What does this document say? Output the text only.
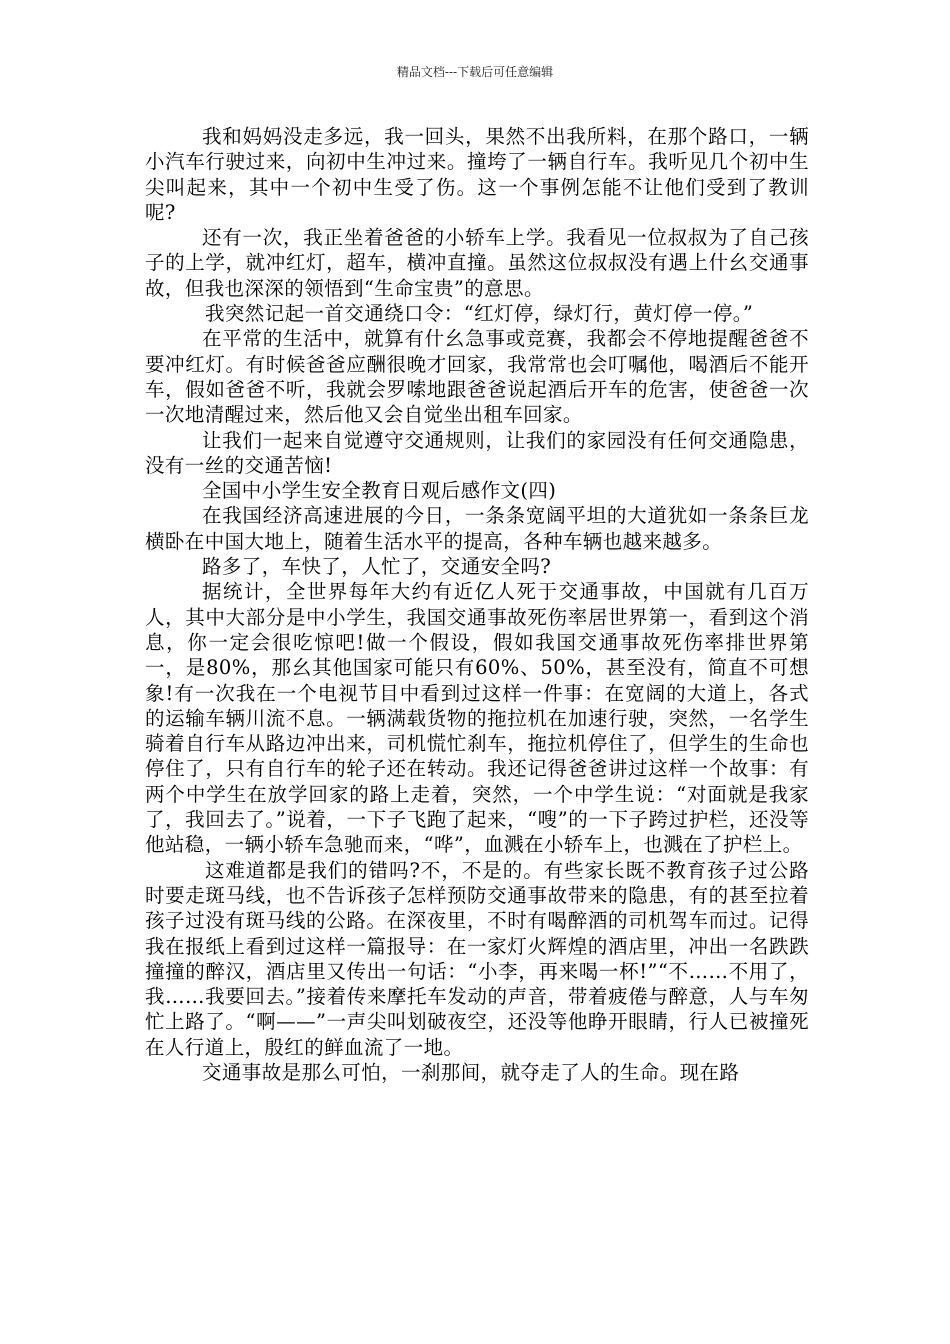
精品文档---下载后可任意编辑

我和妈妈没走多远，我一回头，果然不出我所料，在那个路口，一辆小汽车行驶过来，向初中生冲过来。撞垮了一辆自行车。我听见几个初中生尖叫起来，其中一个初中生受了伤。这一个事例怎能不让他们受到了教训呢?

还有一次，我正坐着爸爸的小轿车上学。我看见一位叔叔为了自己孩子的上学，就冲红灯，超车，横冲直撞。虽然这位叔叔没有遇上什幺交通事故，但我也深深的领悟到“生命宝贵”的意思。

我突然记起一首交通绕口令：“红灯停，绿灯行，黄灯停一停。”

在平常的生活中，就算有什幺急事或竞赛，我都会不停地提醒爸爸不要冲红灯。有时候爸爸应酬很晚才回家，我常常也会叮嘱他，喝酒后不能开车，假如爸爸不听，我就会罗嗦地跟爸爸说起酒后开车的危害，使爸爸一次一次地清醒过来，然后他又会自觉坐出租车回家。

让我们一起来自觉遵守交通规则，让我们的家园没有任何交通隐患，没有一丝的交通苦恼!

全国中小学生安全教育日观后感作文(四)

在我国经济高速进展的今日，一条条宽阔平坦的大道犹如一条条巨龙横卧在中国大地上，随着生活水平的提高，各种车辆也越来越多。

路多了，车快了，人忙了，交通安全吗?

据统计，全世界每年大约有近亿人死于交通事故，中国就有几百万人，其中大部分是中小学生，我国交通事故死伤率居世界第一，看到这个消息，你一定会很吃惊吧!做一个假设，假如我国交通事故死伤率排世界第一，是80%，那幺其他国家可能只有60%、50%，甚至没有，简直不可想象!有一次我在一个电视节目中看到过这样一件事：在宽阔的大道上，各式的运输车辆川流不息。一辆满载货物的拖拉机在加速行驶，突然，一名学生骑着自行车从路边冲出来，司机慌忙刹车，拖拉机停住了，但学生的生命也停住了，只有自行车的轮子还在转动。我还记得爸爸讲过这样一个故事：有两个中学生在放学回家的路上走着，突然，一个中学生说：“对面就是我家了，我回去了。”说着，一下子飞跑了起来，“嗖”的一下子跨过护栏，还没等他站稳，一辆小轿车急驰而来，“哗”，血溅在小轿车上，也溅在了护栏上。

这难道都是我们的错吗?不，不是的。有些家长既不教育孩子过公路时要走斑马线，也不告诉孩子怎样预防交通事故带来的隐患，有的甚至拉着孩子过没有斑马线的公路。在深夜里，不时有喝醉酒的司机驾车而过。记得我在报纸上看到过这样一篇报导：在一家灯火辉煌的酒店里，冲出一名跌跌撞撞的醉汉，酒店里又传出一句话：“小李，再来喝一杯!”“不……不用了，我……我要回去。”接着传来摩托车发动的声音，带着疲倦与醉意，人与车匆忙上路了。“啊——”一声尖叫划破夜空，还没等他睁开眼睛，行人已被撞死在人行道上，殷红的鲜血流了一地。

交通事故是那么可怕，一刹那间，就夺走了人的生命。现在路
